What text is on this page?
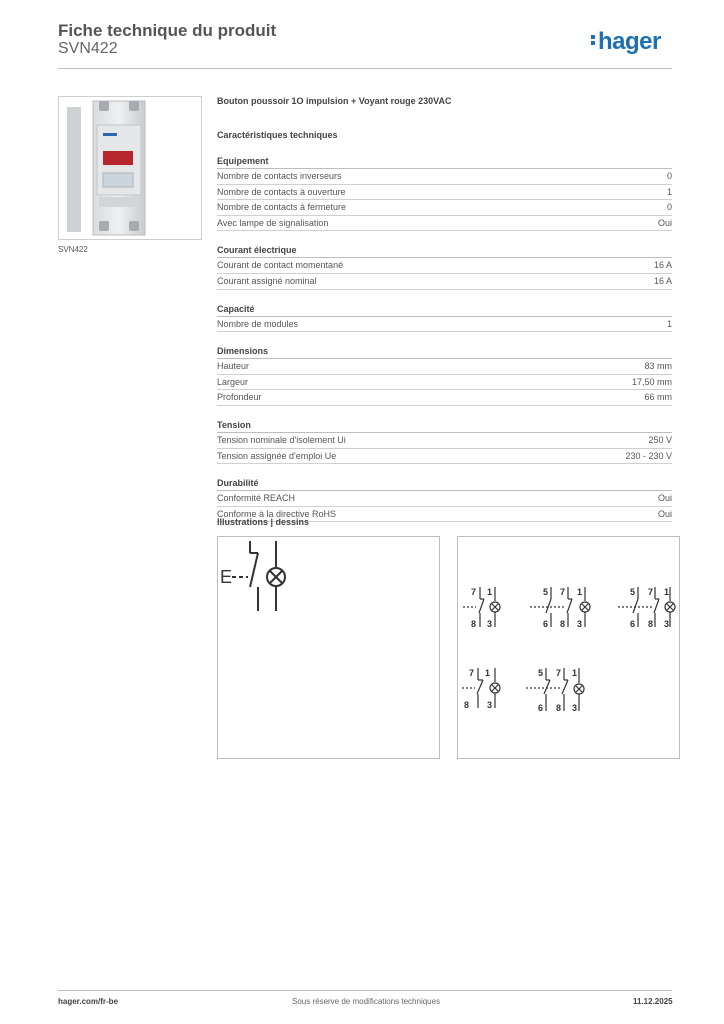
Fiche technique du produit
SVN422	hager
SVN422
Bouton poussoir 1O impulsion + Voyant rouge 230VAC
Caractéristiques techniques
Equipement
Nombre de contacts inverseurs	0
Nombre de contacts à ouverture	1
Nombre de contacts à fermeture	0
Avec lampe de signalisation	Oui
Courant électrique
Courant de contact momentané	16 A
Courant assigné nominal	16 A
Capacité
Nombre de modules	1
Dimensions
Hauteur	83 mm
Largeur	17,50 mm
Profondeur	66 mm
Tension
Tension nominale d'isolement Ui	250 V
Tension assignée d'emploi Ue	230 - 230 V
Durabilité
Conformité REACH	Oui
Conforme à la directive RoHS	Oui
Illustrations | dessins
E
7 1
8 3
5 7 1
6 8 3
5 7 1
6 8 3
7 1
8 3
5 7 1
6 8 3
hager.com/fr-be	Sous réserve de modifications techniques	11.12.2025
